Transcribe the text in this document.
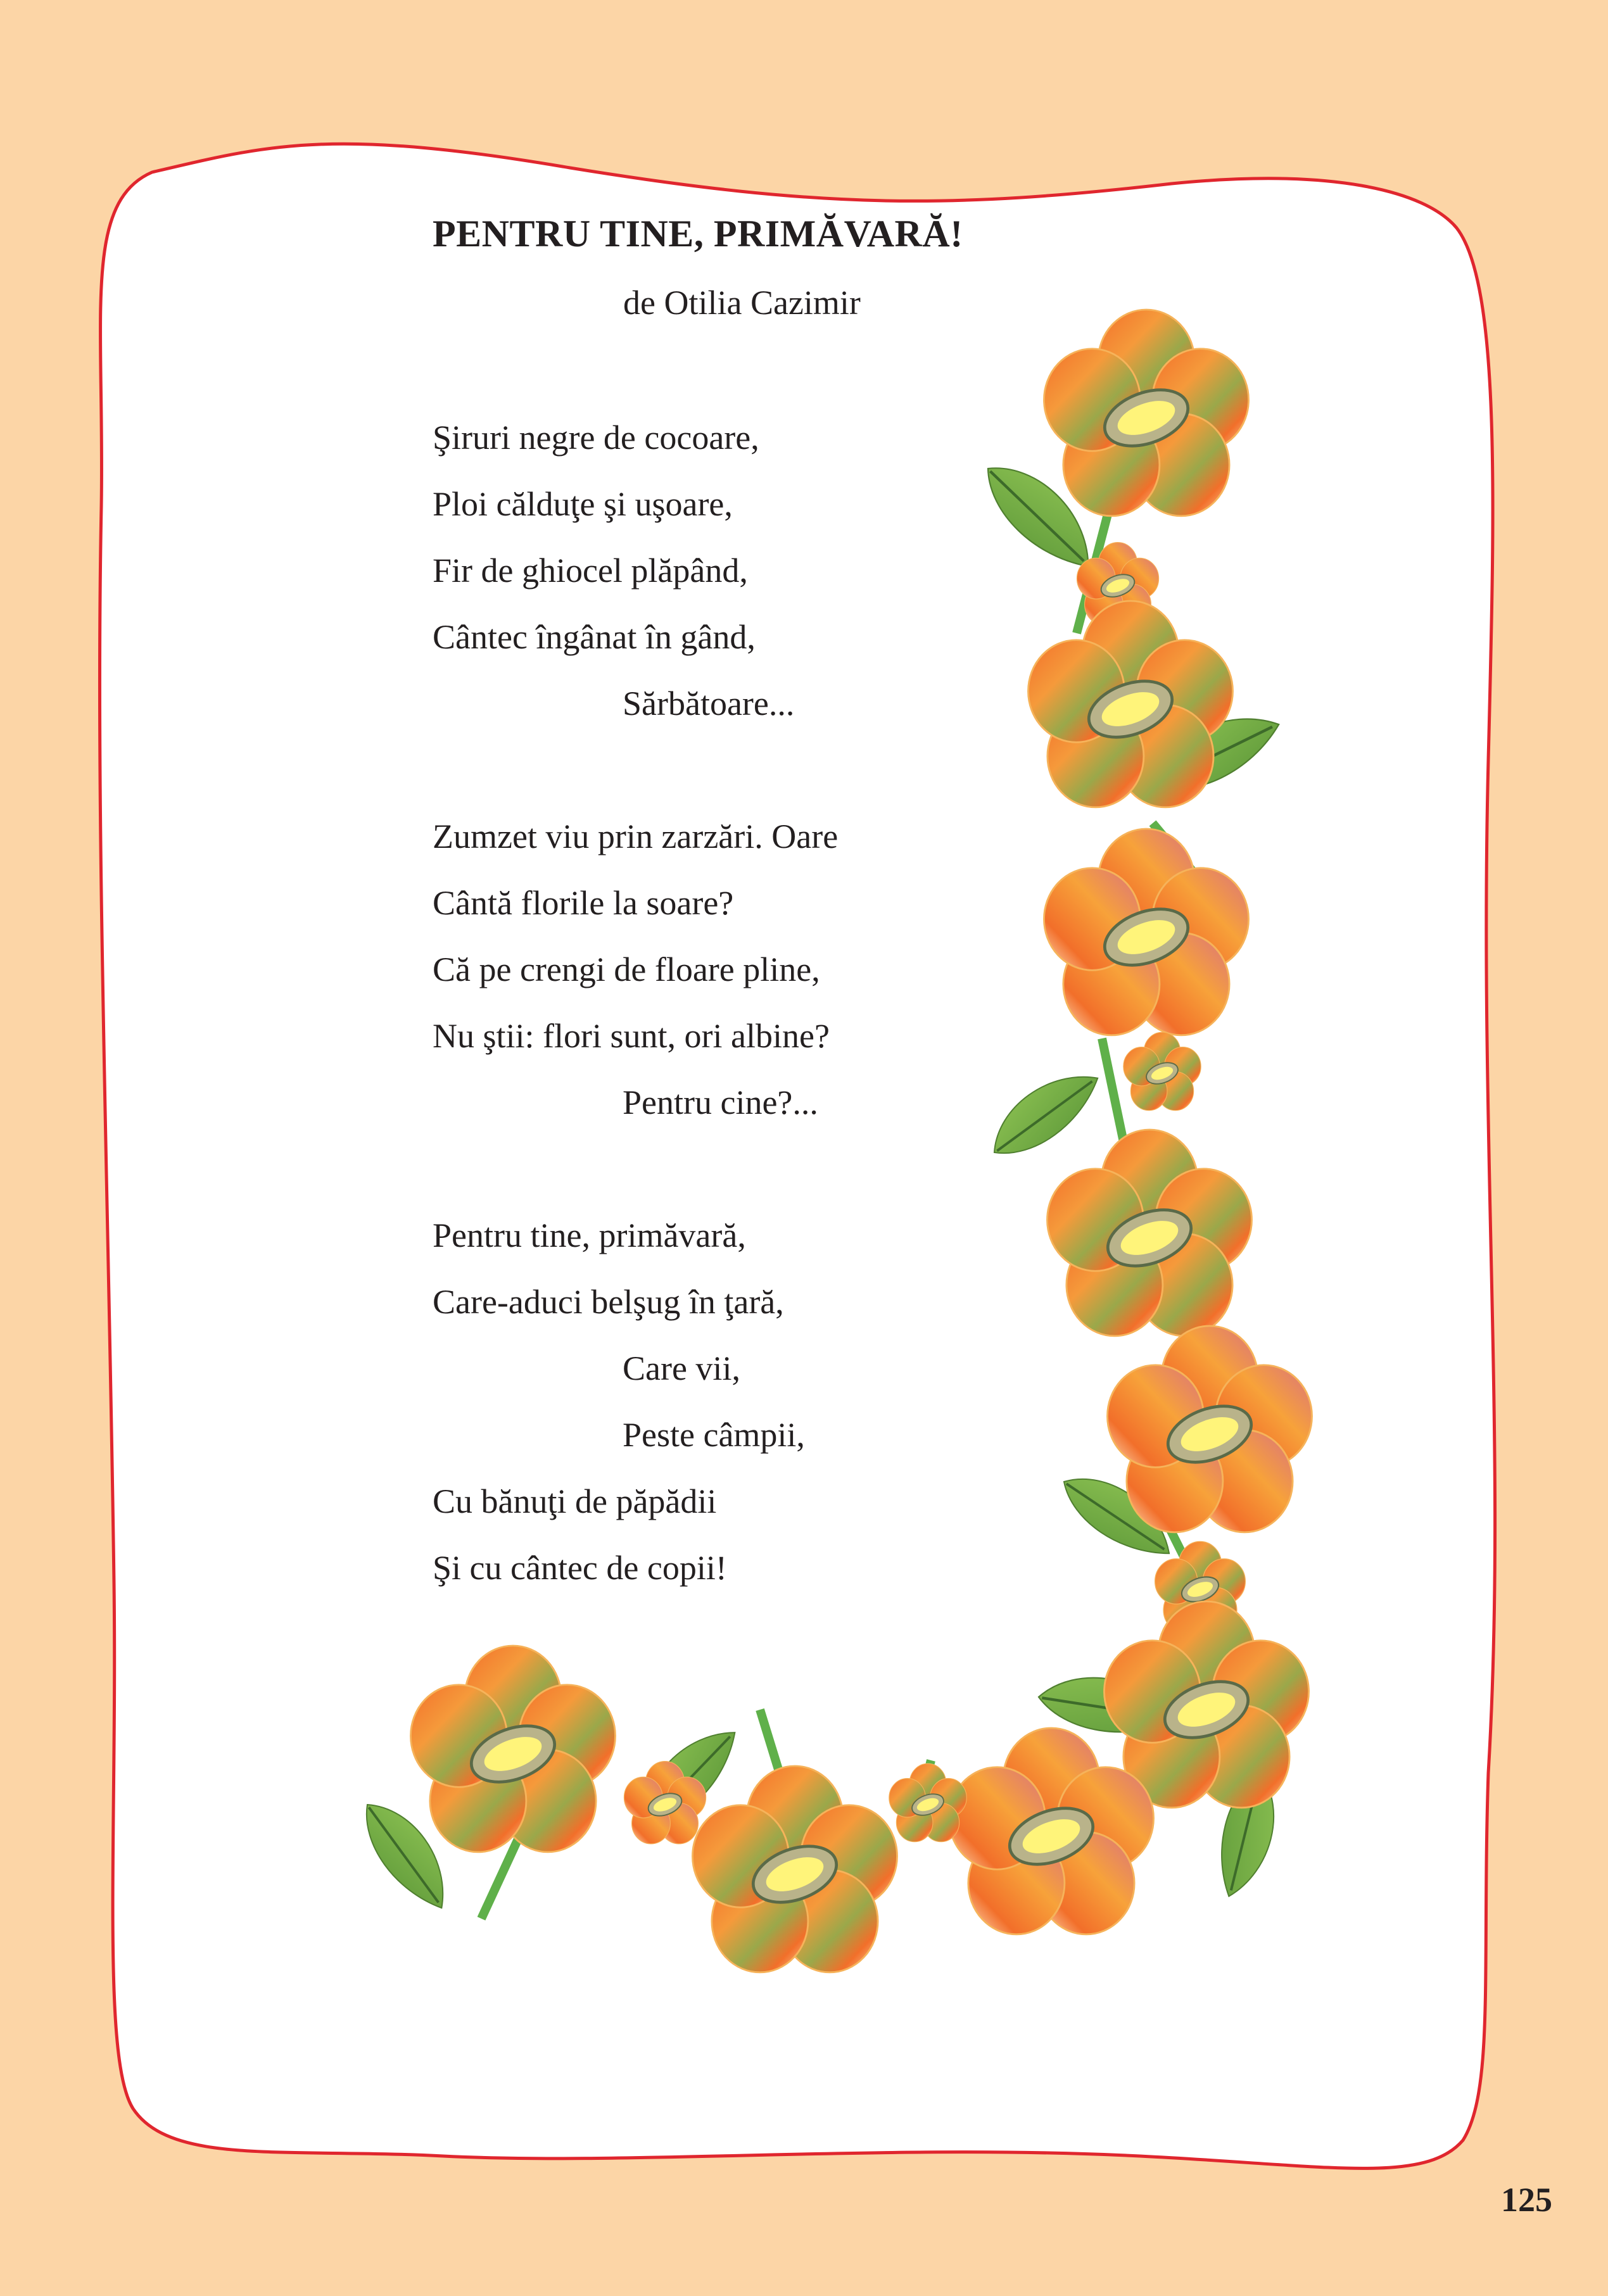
PENTRU TINE, PRIMĂVARĂ!
de Otilia Cazimir
Şiruri negre de cocoare,
Ploi călduţe şi uşoare,
Fir de ghiocel plăpând,
Cântec îngânat în gând,
Sărbătoare...
Zumzet viu prin zarzări. Oare
Cântă florile la soare?
Că pe crengi de floare pline,
Nu ştii: flori sunt, ori albine?
Pentru cine?...
Pentru tine, primăvară,
Care-aduci belşug în ţară,
Care vii,
Peste câmpii,
Cu bănuţi de păpădii
Şi cu cântec de copii!
125
